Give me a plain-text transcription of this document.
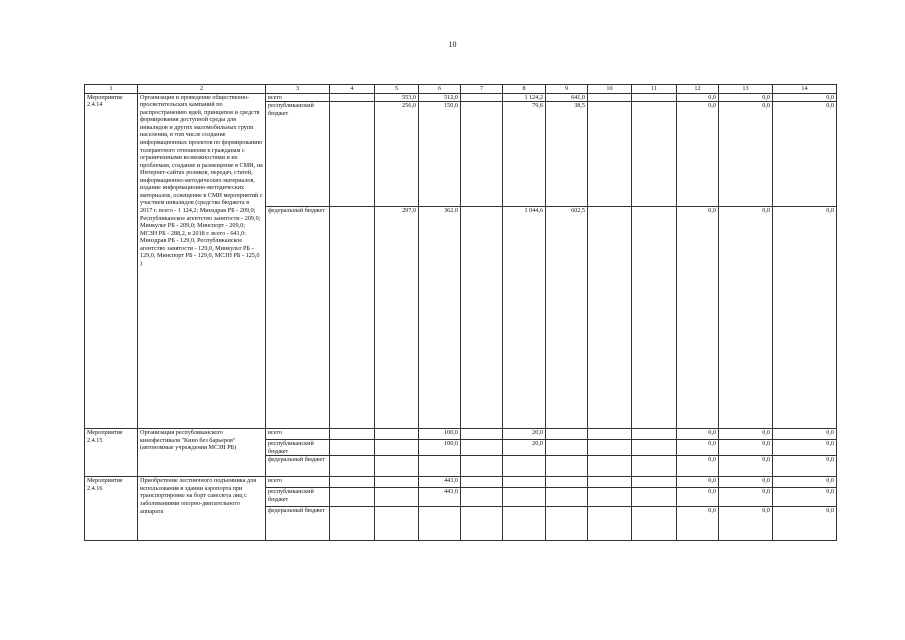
10
1	2	3	4	5	6	7	8	9	10	11	12	13	14
Мероприятие 2.4.14	Организация и проведение общественно-просветительских кампаний по распространению идей, принципов и средств формирования доступной среды для инвалидов и других маломобильных групп населения, в том числе создание информационных проектов по формированию толерантного отношения к гражданам с ограниченными возможностями и их проблемам, создание и размещение в СМИ, на Интернет-сайтах роликов, передач, статей, информационно-методических материалов, издание информационно-методических материалов, освещение в СМИ мероприятий с участием инвалидов (средства бюджета в 2017 г. всего - 1 124,2: Минздрав РБ - 209,0; Республиканское агентство занятости - 209,0; Минкульт РБ - 209,0; Минспорт - 209,0; МСЗН РБ - 288,2, в 2018 г. всего - 641,0: Минздрав РБ - 129,0, Республиканское агентство занятости - 129,0, Минкульт РБ - 129,0, Минспорт РБ - 129,0, МСЗН РБ - 125,0 )	всего		553,0	512,0		1 124,2	641,0			0,0	0,0	0,0
		республиканский бюджет		256,0	150,0		79,6	38,5			0,0	0,0	0,0
		федеральный бюджет		297,0	362,0		1 044,6	602,5			0,0	0,0	0,0
Мероприятие 2.4.15	Организация республиканского кинофестиваля "Кино без барьеров" (автономные учреждения МСЗН РБ)	всего			100,0		20,0				0,0	0,0	0,0
		республиканский бюджет			100,0		20,0				0,0	0,0	0,0
		федеральный бюджет									0,0	0,0	0,0
Мероприятие 2.4.16	Приобретение лестничного подъемника для использования в здании аэропорта при транспортировке на борт самолета лиц с заболеваниями опорно-двигательного аппарата	всего			443,0						0,0	0,0	0,0
		республиканский бюджет			443,0						0,0	0,0	0,0
		федеральный бюджет									0,0	0,0	0,0
